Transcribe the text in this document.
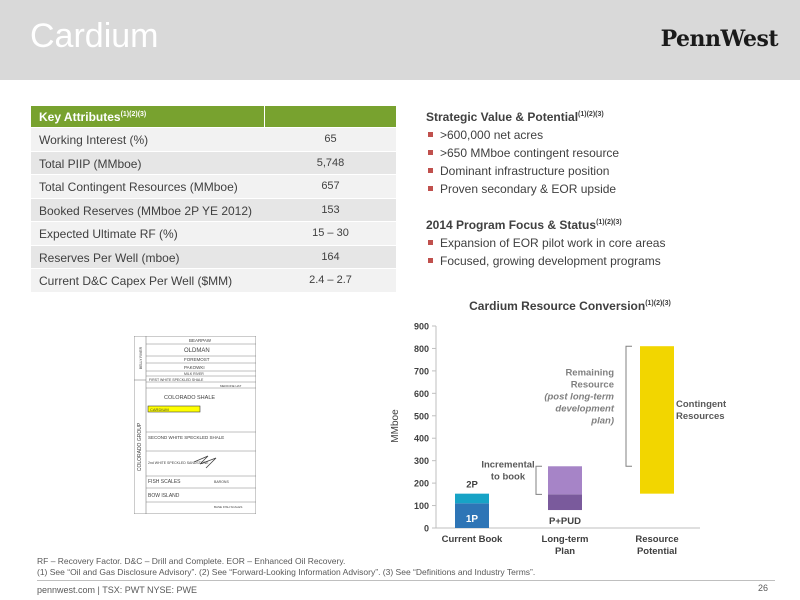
Cardium	PennWest
Key Attributes$^{(1)(2)(3)}$
Working Interest (%)	65
Total PIIP (MMboe)	5,748
Total Contingent Resources (MMboe)	657
Booked Reserves (MMboe 2P YE 2012)	153
Expected Ultimate RF (%)	15 – 30
Reserves Per Well (mboe)	164
Current D&C Capex Per Well ($MM)	2.4 – 2.7
Strategic Value & Potential$^{(1)(2)(3)}$
>600,000 net acres
>650 MMboe contingent resource
Dominant infrastructure position
Proven secondary & EOR upside
2014 Program Focus & Status$^{(1)(2)(3)}$
Expansion of EOR pilot work in core areas
Focused, growing development programs
BELLY RIVER
COLORADO GROUP
BEARPAW
OLDMAN
FOREMOST
PAKOWKI
MILK RIVER
FIRST WHITE SPECKLED SHALE
MEDICINE HAT
COLORADO SHALE
CARDIUM
SECOND WHITE SPECKLED SHALE
2nd WHITE SPECKLED SANDSTONE
FISH SCALES	BARONS
BOW ISLAND
BASE FISH SCALES
Cardium Resource Conversion$^{(1)(2)(3)}$
MMboe
0
100
200
300
400
500
600
700
800
900
Current Book	Long-term
Plan
Resource
Potential
1P
2P
P+PUD
Incremental
to book
Remaining
Resource
(post long-term
development
plan)
Contingent
Resources
RF – Recovery Factor. D&C – Drill and Complete. EOR – Enhanced Oil Recovery.
(1) See “Oil and Gas Disclosure Advisory”. (2) See “Forward-Looking Information Advisory”. (3) See “Definitions and Industry Terms”.
pennwest.com | TSX: PWT NYSE: PWE	26
